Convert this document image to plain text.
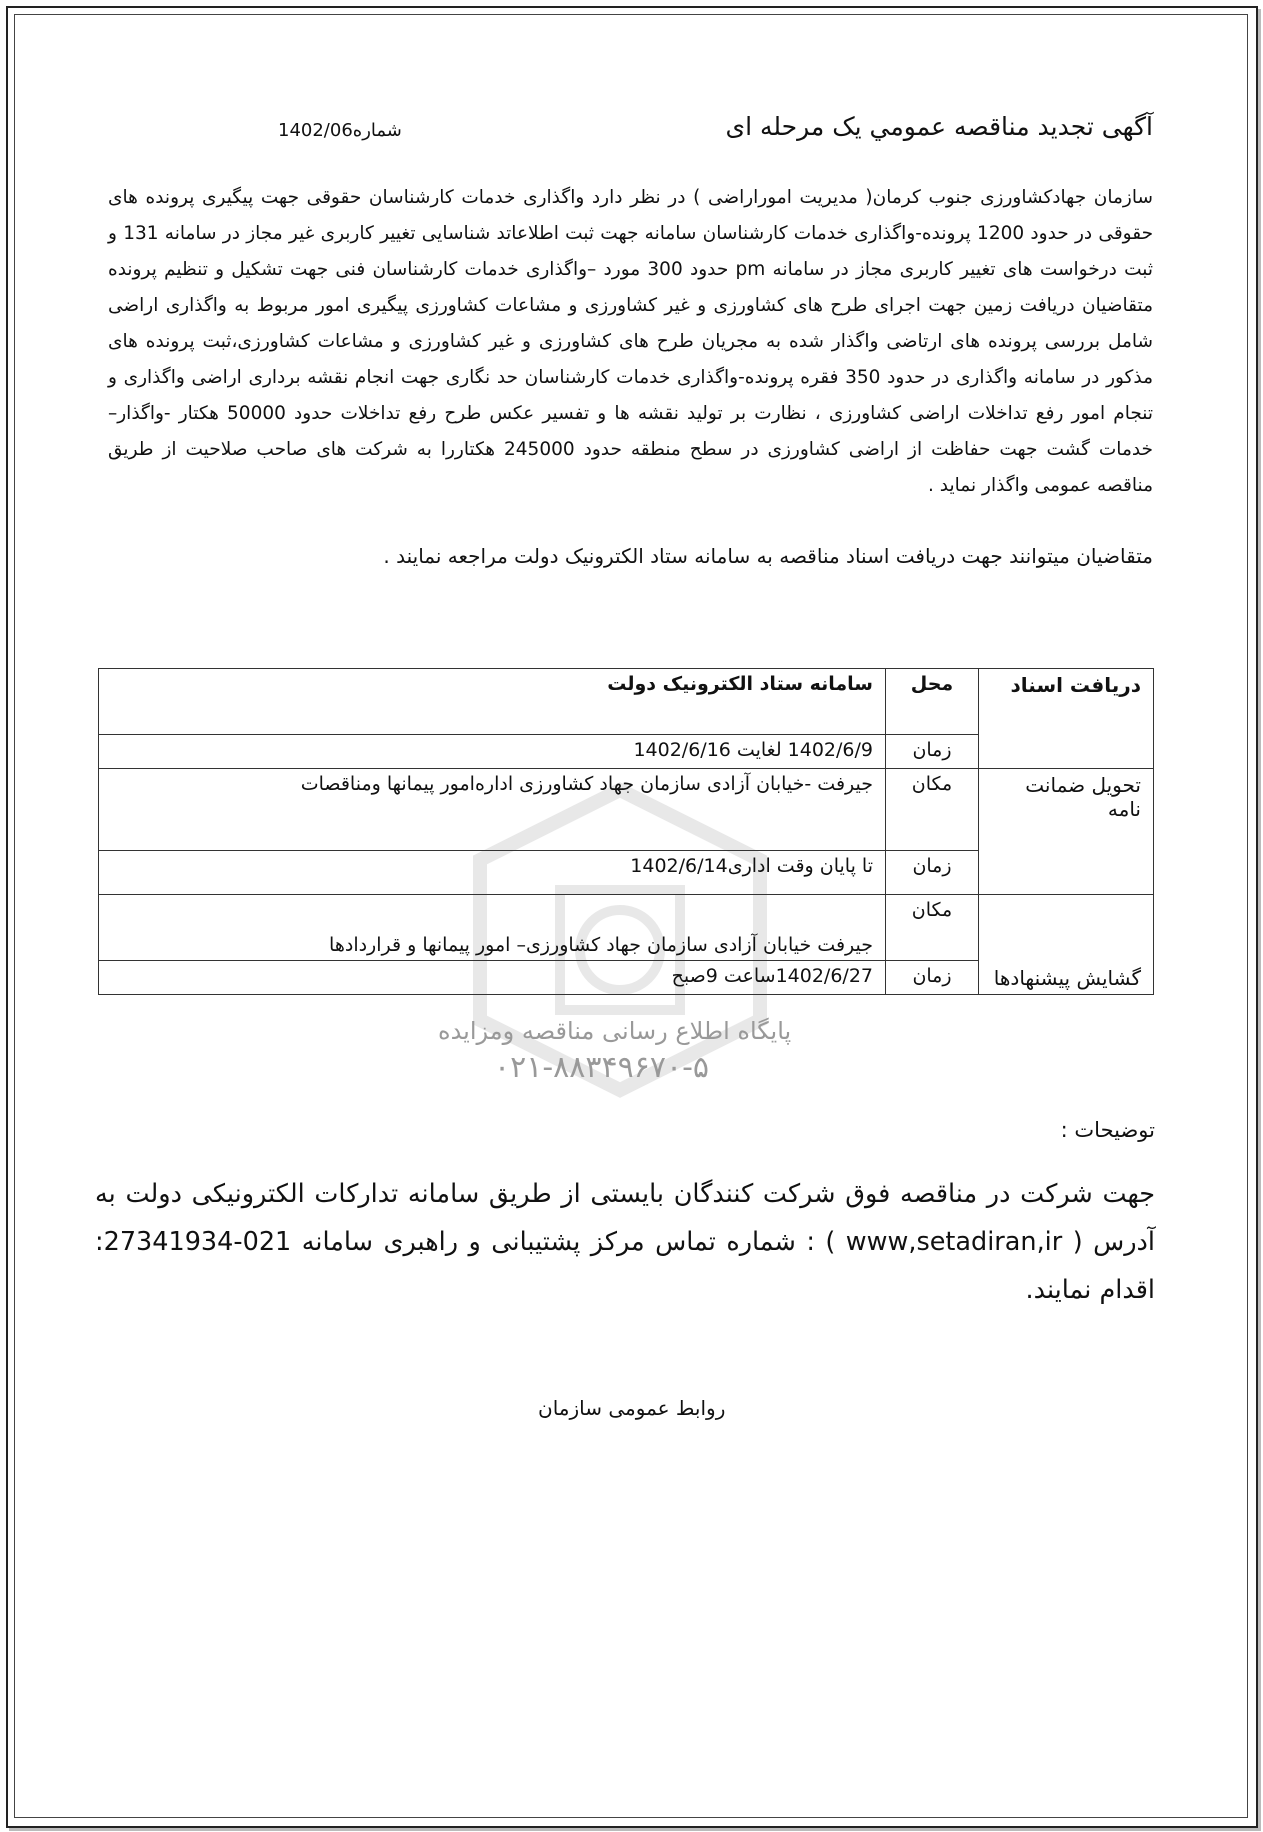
پایگاه اطلاع رسانی مناقصه ومزایده
۰۲۱-۸۸۳۴۹۶۷۰-۵
آگهی تجدید مناقصه عمومي یک مرحله ای
شماره1402/06
سازمان جهادکشاورزی جنوب کرمان( مدیریت اموراراضی ) در نظر دارد واگذاری خدمات کارشناسان حقوقی جهت پیگیری پرونده های حقوقی در حدود 1200 پرونده-واگذاری خدمات کارشناسان سامانه جهت ثبت اطلاعاتد شناسایی تغییر کاربری غیر مجاز در سامانه 131 و ثبت درخواست های تغییر کاربری مجاز در سامانه pm حدود 300 مورد –واگذاری خدمات کارشناسان فنی جهت تشکیل و تنظیم پرونده متقاضیان دریافت زمین جهت اجرای طرح های کشاورزی و غیر کشاورزی و مشاعات کشاورزی پیگیری امور مربوط به واگذاری اراضی شامل بررسی پرونده های ارتاضی واگذار شده به مجریان طرح های کشاورزی و غیر کشاورزی و مشاعات کشاورزی،ثبت پرونده های مذکور در سامانه واگذاری در حدود 350 فقره پرونده-واگذاری خدمات کارشناسان حد نگاری جهت انجام نقشه برداری اراضی واگذاری و تنجام امور رفع تداخلات اراضی کشاورزی ، نظارت بر تولید نقشه ها و تفسیر عکس طرح رفع تداخلات حدود 50000 هکتار -واگذار– خدمات گشت جهت حفاظت از اراضی کشاورزی در سطح منطقه حدود 245000 هکتاررا به شرکت های صاحب صلاحیت از طریق مناقصه عمومی واگذار نماید .
متقاضیان میتوانند جهت دریافت اسناد مناقصه به سامانه ستاد الکترونیک دولت مراجعه نمایند .
دریافت اسناد	محل	سامانه ستاد الکترونیک دولت
	زمان	1402/6/9 لغایت 1402/6/16
تحویل ضمانت نامه	مکان	جیرفت -خیابان آزادی سازمان جهاد کشاورزی اداره‌امور پیمانها ومناقصات
	زمان	تا پایان وقت اداری1402/6/14
گشایش پیشنهادها	مکان	جیرفت خیابان آزادی سازمان جهاد کشاورزی– امور پیمانها و قراردادها
	زمان	1402/6/27ساعت 9صبح
توضیحات :
جهت شرکت در مناقصه فوق شرکت کنندگان بایستی از طریق سامانه تدارکات الکترونیکی دولت به آدرس ( www,setadiran,ir ) : شماره تماس مرکز پشتیبانی و راهبری سامانه 021-27341934: اقدام نمایند.
روابط عمومی سازمان
